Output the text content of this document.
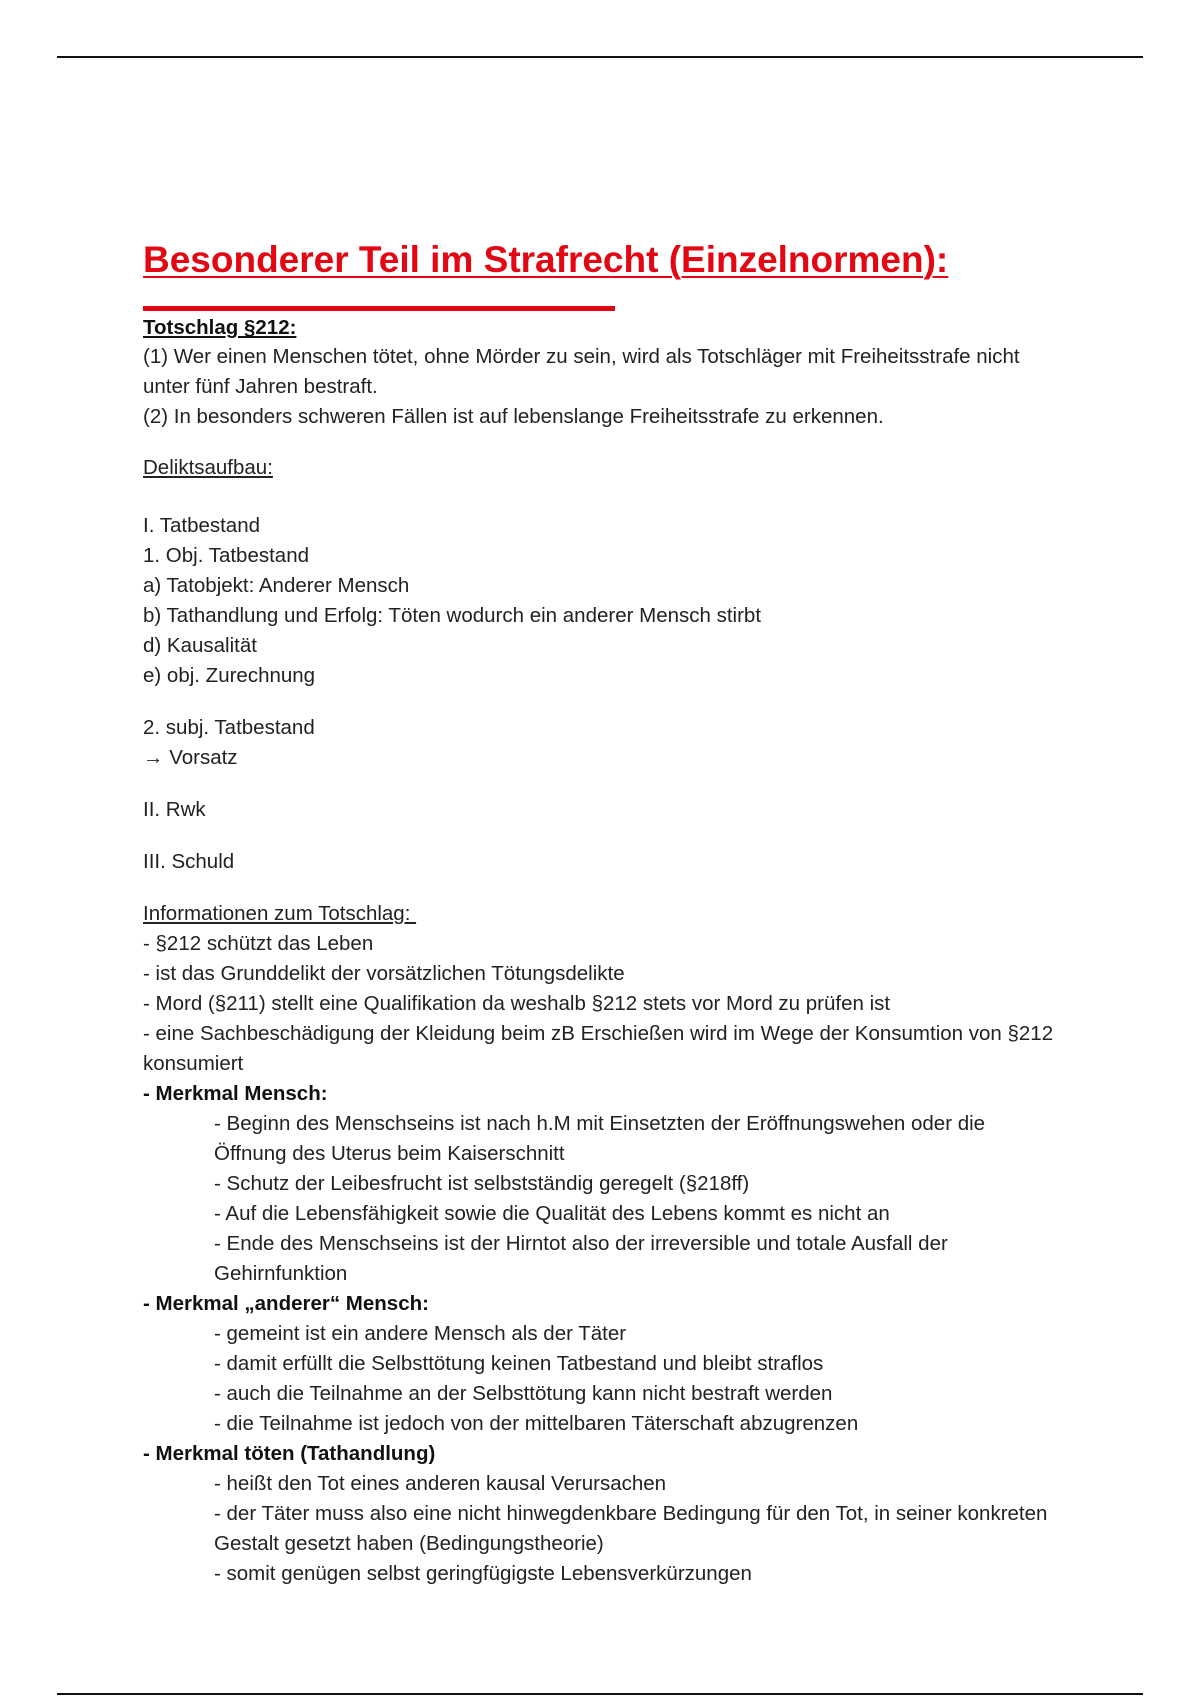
Besonderer Teil im Strafrecht (Einzelnormen):
Totschlag §212:

(1) Wer einen Menschen tötet, ohne Mörder zu sein, wird als Totschläger mit Freiheitsstrafe nicht unter fünf Jahren bestraft.

(2) In besonders schweren Fällen ist auf lebenslange Freiheitsstrafe zu erkennen.

Deliktsaufbau:

I. Tatbestand

1. Obj. Tatbestand

a) Tatobjekt: Anderer Mensch

b) Tathandlung und Erfolg: Töten wodurch ein anderer Mensch stirbt

d) Kausalität

e) obj. Zurechnung

2. subj. Tatbestand

→ Vorsatz

II. Rwk

III. Schuld

Informationen zum Totschlag:

- §212 schützt das Leben

- ist das Grunddelikt der vorsätzlichen Tötungsdelikte

- Mord (§211) stellt eine Qualifikation da weshalb §212 stets vor Mord zu prüfen ist

- eine Sachbeschädigung der Kleidung beim zB Erschießen wird im Wege der Konsumtion von §212 konsumiert

- Merkmal Mensch:

- Beginn des Menschseins ist nach h.M mit Einsetzten der Eröffnungswehen oder die Öffnung des Uterus beim Kaiserschnitt

- Schutz der Leibesfrucht ist selbstständig geregelt (§218ff)

- Auf die Lebensfähigkeit sowie die Qualität des Lebens kommt es nicht an

- Ende des Menschseins ist der Hirntot also der irreversible und totale Ausfall der Gehirnfunktion

- Merkmal „anderer“ Mensch:

- gemeint ist ein andere Mensch als der Täter

- damit erfüllt die Selbsttötung keinen Tatbestand und bleibt straflos

- auch die Teilnahme an der Selbsttötung kann nicht bestraft werden

- die Teilnahme ist jedoch von der mittelbaren Täterschaft abzugrenzen

- Merkmal töten (Tathandlung)

- heißt den Tot eines anderen kausal Verursachen

- der Täter muss also eine nicht hinwegdenkbare Bedingung für den Tot, in seiner konkreten Gestalt gesetzt haben (Bedingungstheorie)

- somit genügen selbst geringfügigste Lebensverkürzungen
